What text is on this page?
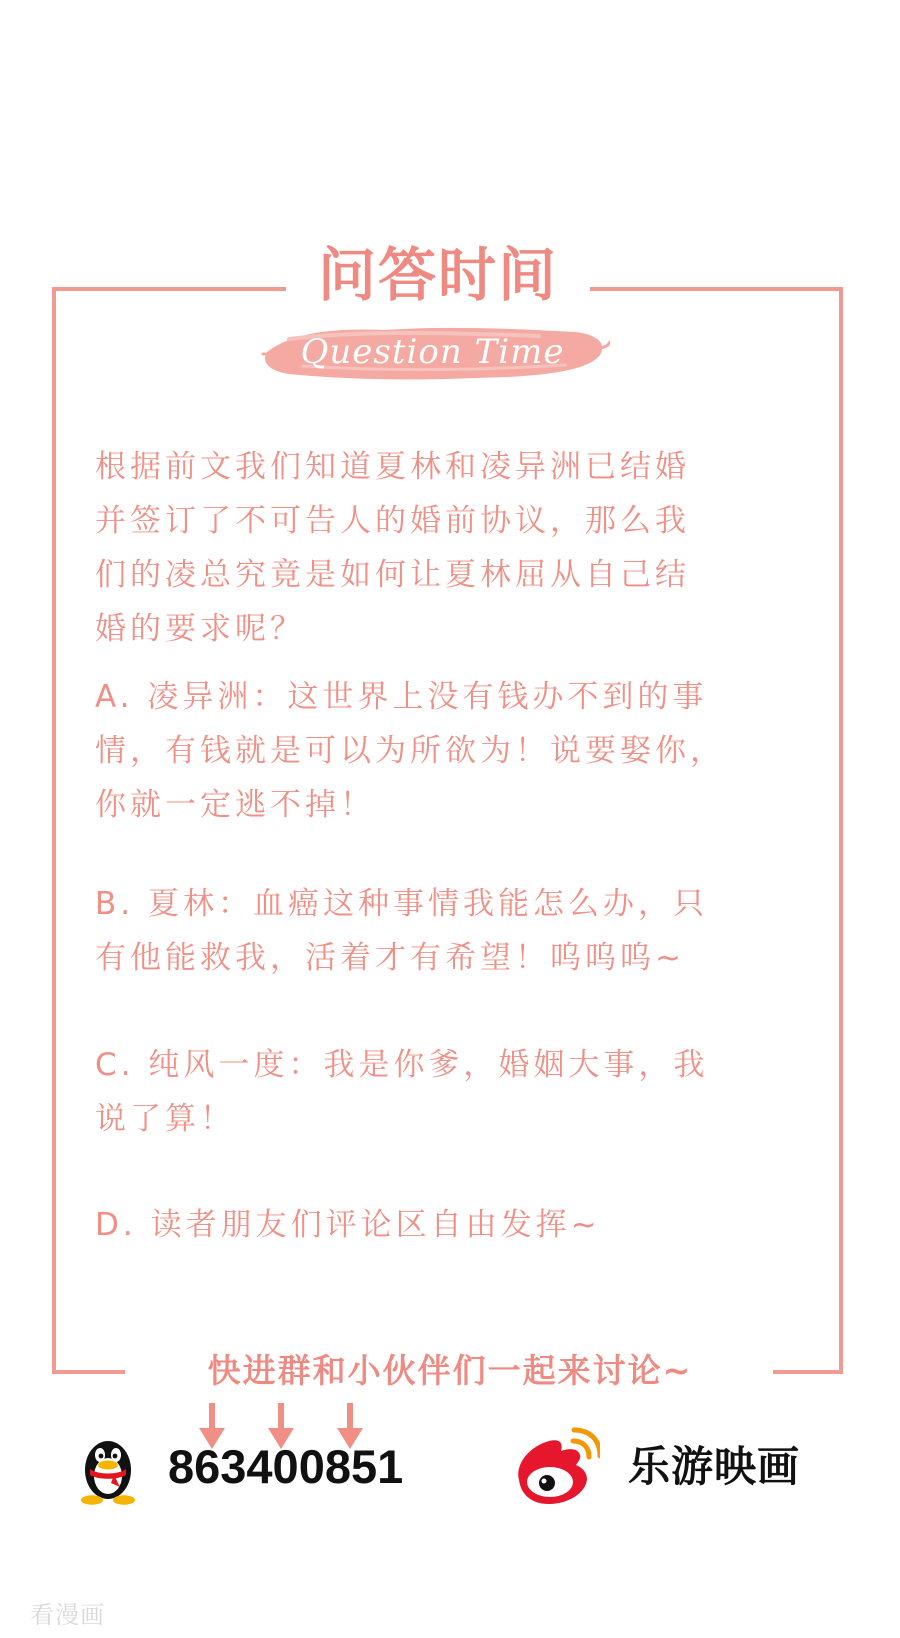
问答时间
Question Time
根据前文我们知道夏林和凌异洲已结婚
并签订了不可告人的婚前协议，那么我
们的凌总究竟是如何让夏林屈从自己结
婚的要求呢？
A. 凌异洲：这世界上没有钱办不到的事
情，有钱就是可以为所欲为！说要娶你，
你就一定逃不掉！
B. 夏林：血癌这种事情我能怎么办，只
有他能救我，活着才有希望！呜呜呜~
C. 纯风一度：我是你爹，婚姻大事，我
说了算！
D. 读者朋友们评论区自由发挥~
快进群和小伙伴们一起来讨论~
863400851	乐游映画
看漫画
